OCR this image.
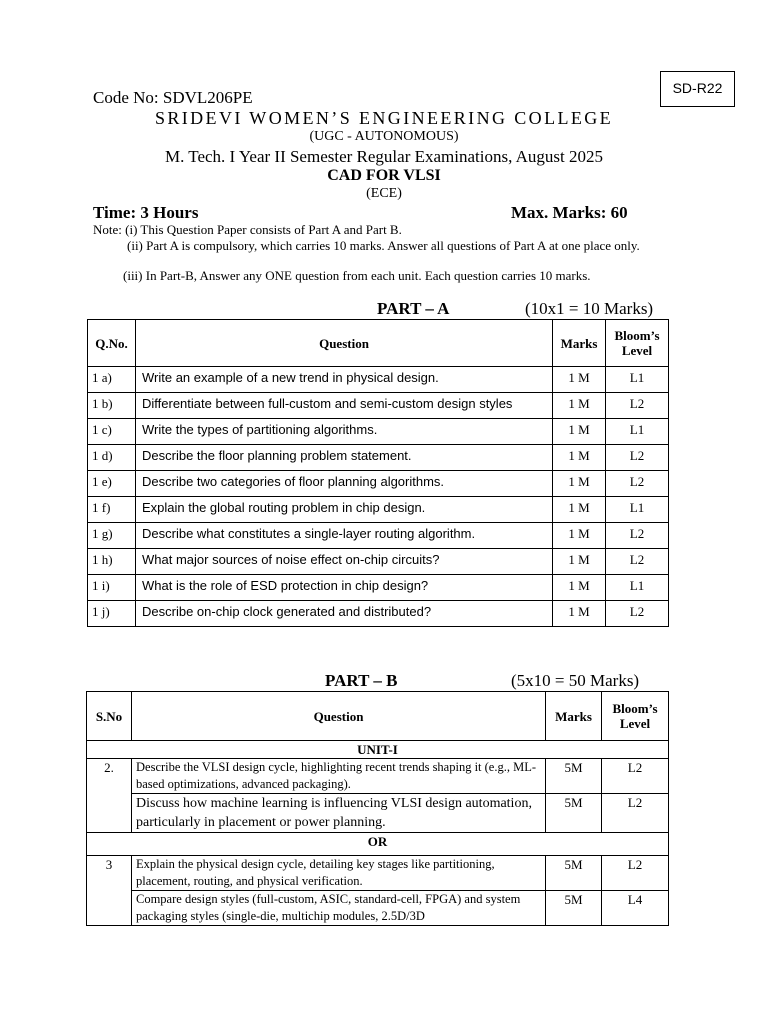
SD-R22
Code No: SDVL206PE
SRIDEVI WOMEN’S ENGINEERING COLLEGE
(UGC - AUTONOMOUS)
M. Tech. I Year II Semester Regular Examinations, August 2025
CAD FOR VLSI
(ECE)
Time: 3 Hours	Max. Marks: 60
Note: (i) This Question Paper consists of Part A and Part B.
(ii) Part A is compulsory, which carries 10 marks. Answer all questions of Part A at one place only.
(iii) In Part-B, Answer any ONE question from each unit. Each question carries 10 marks.
PART – A	(10x1 = 10 Marks)
Q.No.	Question	Marks	Bloom’s Level
1 a)	Write an example of a new trend in physical design.	1 M	L1
1 b)	Differentiate between full-custom and semi-custom design styles	1 M	L2
1 c)	Write the types of partitioning algorithms.	1 M	L1
1 d)	Describe the floor planning problem statement.	1 M	L2
1 e)	Describe two categories of floor planning algorithms.	1 M	L2
1 f)	Explain the global routing problem in chip design.	1 M	L1
1 g)	Describe what constitutes a single-layer routing algorithm.	1 M	L2
1 h)	What major sources of noise effect on-chip circuits?	1 M	L2
1 i)	What is the role of ESD protection in chip design?	1 M	L1
1 j)	Describe on-chip clock generated and distributed?	1 M	L2
PART – B	(5x10 = 50 Marks)
S.No	Question	Marks	Bloom’s Level
UNIT-I			
2.	Describe the VLSI design cycle, highlighting recent trends shaping it (e.g., ML-based optimizations, advanced packaging).	5M	L2
	Discuss how machine learning is influencing VLSI design automation, particularly in placement or power planning.	5M	L2
OR			
3	Explain the physical design cycle, detailing key stages like partitioning, placement, routing, and physical verification.	5M	L2
	Compare design styles (full-custom, ASIC, standard-cell, FPGA) and system packaging styles (single-die, multichip modules, 2.5D/3D	5M	L4
